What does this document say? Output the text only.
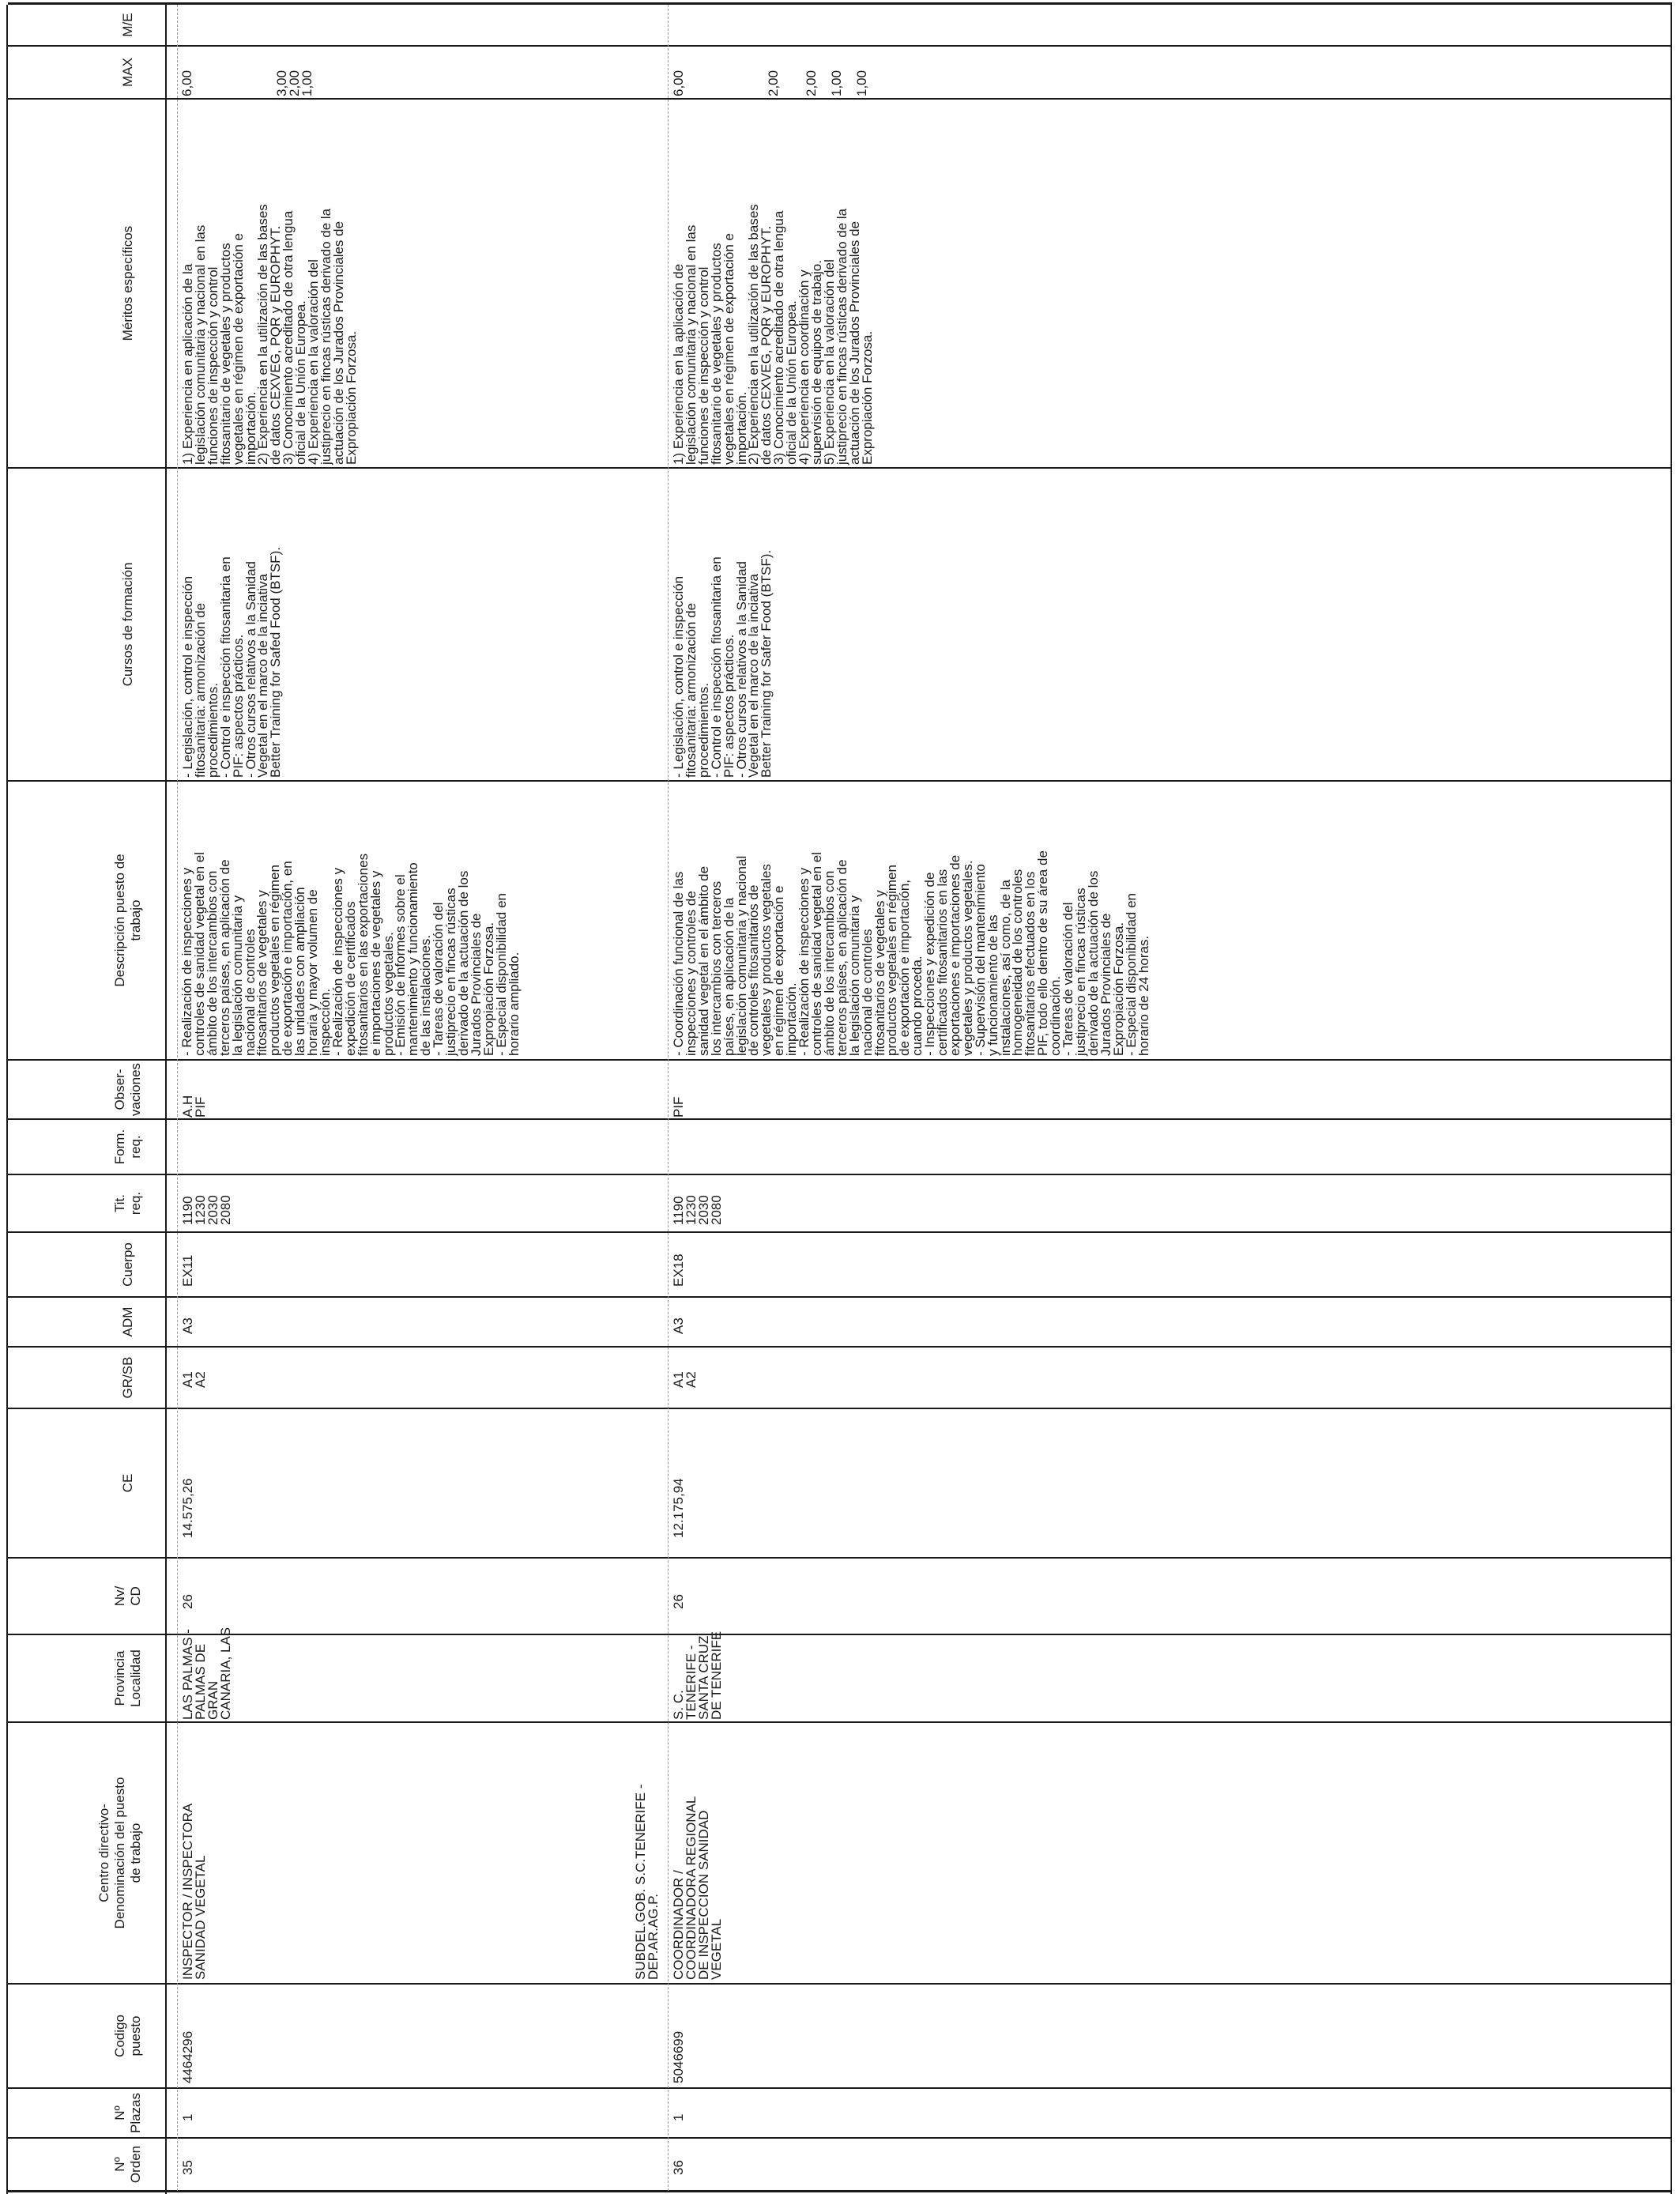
Nº
Orden
Nº
Plazas
Codigo
puesto
Centro directivo-
Denominación del puesto
de trabajo
Provincia
Localidad
Nv/
CD
CE
GR/SB
ADM
Cuerpo
Tit.
req.
Form.
req.
Obser-
vaciones
Descripción puesto de
trabajo
Cursos de formación
Méritos específicos
MAX
M/E
35
1
4464296
INSPECTOR / INSPECTORA
SANIDAD VEGETAL
LAS PALMAS -
PALMAS DE
GRAN
CANARIA, LAS
26
14.575,26
A1
A2
A3
EX11
1190
1230
2030
2080
A.H
PIF
- Realización de inspecciones y
controles de sanidad vegetal en el
ámbito de los intercambios con
terceros países, en aplicación de
la legislación comunitaria y
nacional de controles
fitosanitarios de vegetales y
productos vegetales en régimen
de exportación e importación, en
las unidades con ampliación
horaria y mayor volumen de
inspección.
- Realización de inspecciones y
expedición de certificados
fitosanitarios en las exportaciones
e importaciones de vegetales y
productos vegetales.
- Emisión de informes sobre el
mantenimiento y funcionamiento
de las instalaciones.
- Tareas de valoración del
justiprecio en fincas rústicas
derivado de la actuación de los
Jurados Provinciales de
Expropiación Forzosa.
- Especial disponibilidad en
horario ampliado.
- Legislación, control e inspección
fitosanitaria: armonización de
procedimientos.
- Control e inspección fitosanitaria en
PIF: aspectos prácticos.
- Otros cursos relativos a la Sanidad
Vegetal en el marco de la inciativa
Better Training for Safed Food (BTSF).
1) Experiencia en aplicación de la
legislación comunitaria y nacional en las
funciones de inspección y control
fitosanitario de vegetales y productos
vegetales en régimen de exportación e
importación.
2) Experiencia en la utilización de las bases
de datos CEXVEG, PQR y EUROPHYT.
3) Conocimiento acreditado de otra lengua
oficial de la Unión Europea.
4) Experiencia en la valoración del
justiprecio en fincas rústicas derivado de la
actuación de los Jurados Provinciales de
Expropiación Forzosa.
6,00	3,00
2,00
1,00
SUBDEL.GOB. S.C.TENERIFE -
DEP.AR.AG.P.
36
1
5046699
COORDINADOR /
COORDINADORA REGIONAL
DE INSPECCION SANIDAD
VEGETAL
S. C.
TENERIFE -
SANTA CRUZ
DE TENERIFE
26
12.175,94
A1
A2
A3
EX18
1190
1230
2030
2080
PIF
- Coordinación funcional de las
inspecciones y controles de
sanidad vegetal en el ámbito de
los intercambios con terceros
países, en aplicación de la
legislación comunitaria y nacional
de controles fitosanitarios de
vegetales y productos vegetales
en régimen de exportación e
importación.
- Realización de inspecciones y
controles de sanidad vegetal en el
ámbito de los intercambios con
terceros países, en aplicación de
la legislación comunitaria y
nacional de controles
fitosanitarios de vegetales y
productos vegetales en régimen
de exportación e importación,
cuando proceda.
- Inspecciones y expedición de
certificados fitosanitarios en las
exportaciones e importaciones de
vegetales y productos vegetales.
- Supervisión del mantenimiento
y funcionamiento de las
instalaciones, así como, de la
homogeneidad de los controles
fitosanitarios efectuados en los
PIF, todo ello dentro de su área de
coordinación.
- Tareas de valoración del
justiprecio en fincas rústicas
derivado de la actuación de los
Jurados Provinciales de
Expropiación Forzosa.
- Especial disponibilidad en
horario de 24 horas.
- Legislación, control e inspección
fitosanitaria: armonización de
procedimientos.
- Control e inspección fitosanitaria en
PIF: aspectos prácticos.
- Otros cursos relativos a la Sanidad
Vegetal en el marco de la inciativa
Better Training for Safer Food (BTSF).
1) Experiencia en la aplicación de
legislación comunitaria y nacional en las
funciones de inspección y control
fitosanitario de vegetales y productos
vegetales en régimen de exportación e
importación.
2) Experiencia en la utilización de las bases
de datos CEXVEG, PQR y EUROPHYT.
3) Conocimiento acreditado de otra lengua
oficial de la Unión Europea.
4) Experiencia en coordinación y
supervisión de equipos de trabajo.
5) Experiencia en la valoración del
justiprecio en fincas rústicas derivado de la
actuación de los Jurados Provinciales de
Expropiación Forzosa.
6,00	2,00 2,00 1,00 1,00
